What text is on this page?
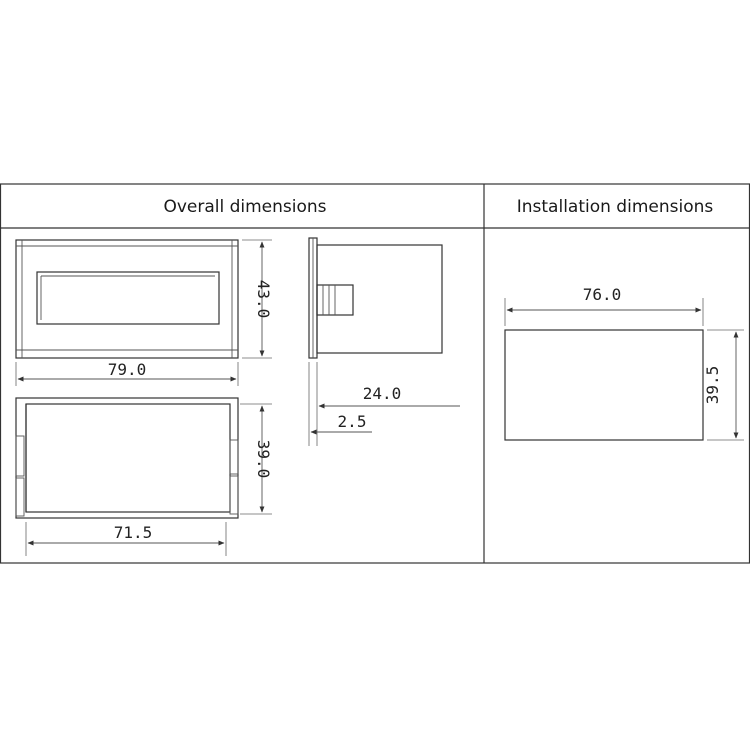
Overall dimensions	Installation dimensions
43.0
79.0
39.0
71.5
24.0
2.5
76.0
39.5
